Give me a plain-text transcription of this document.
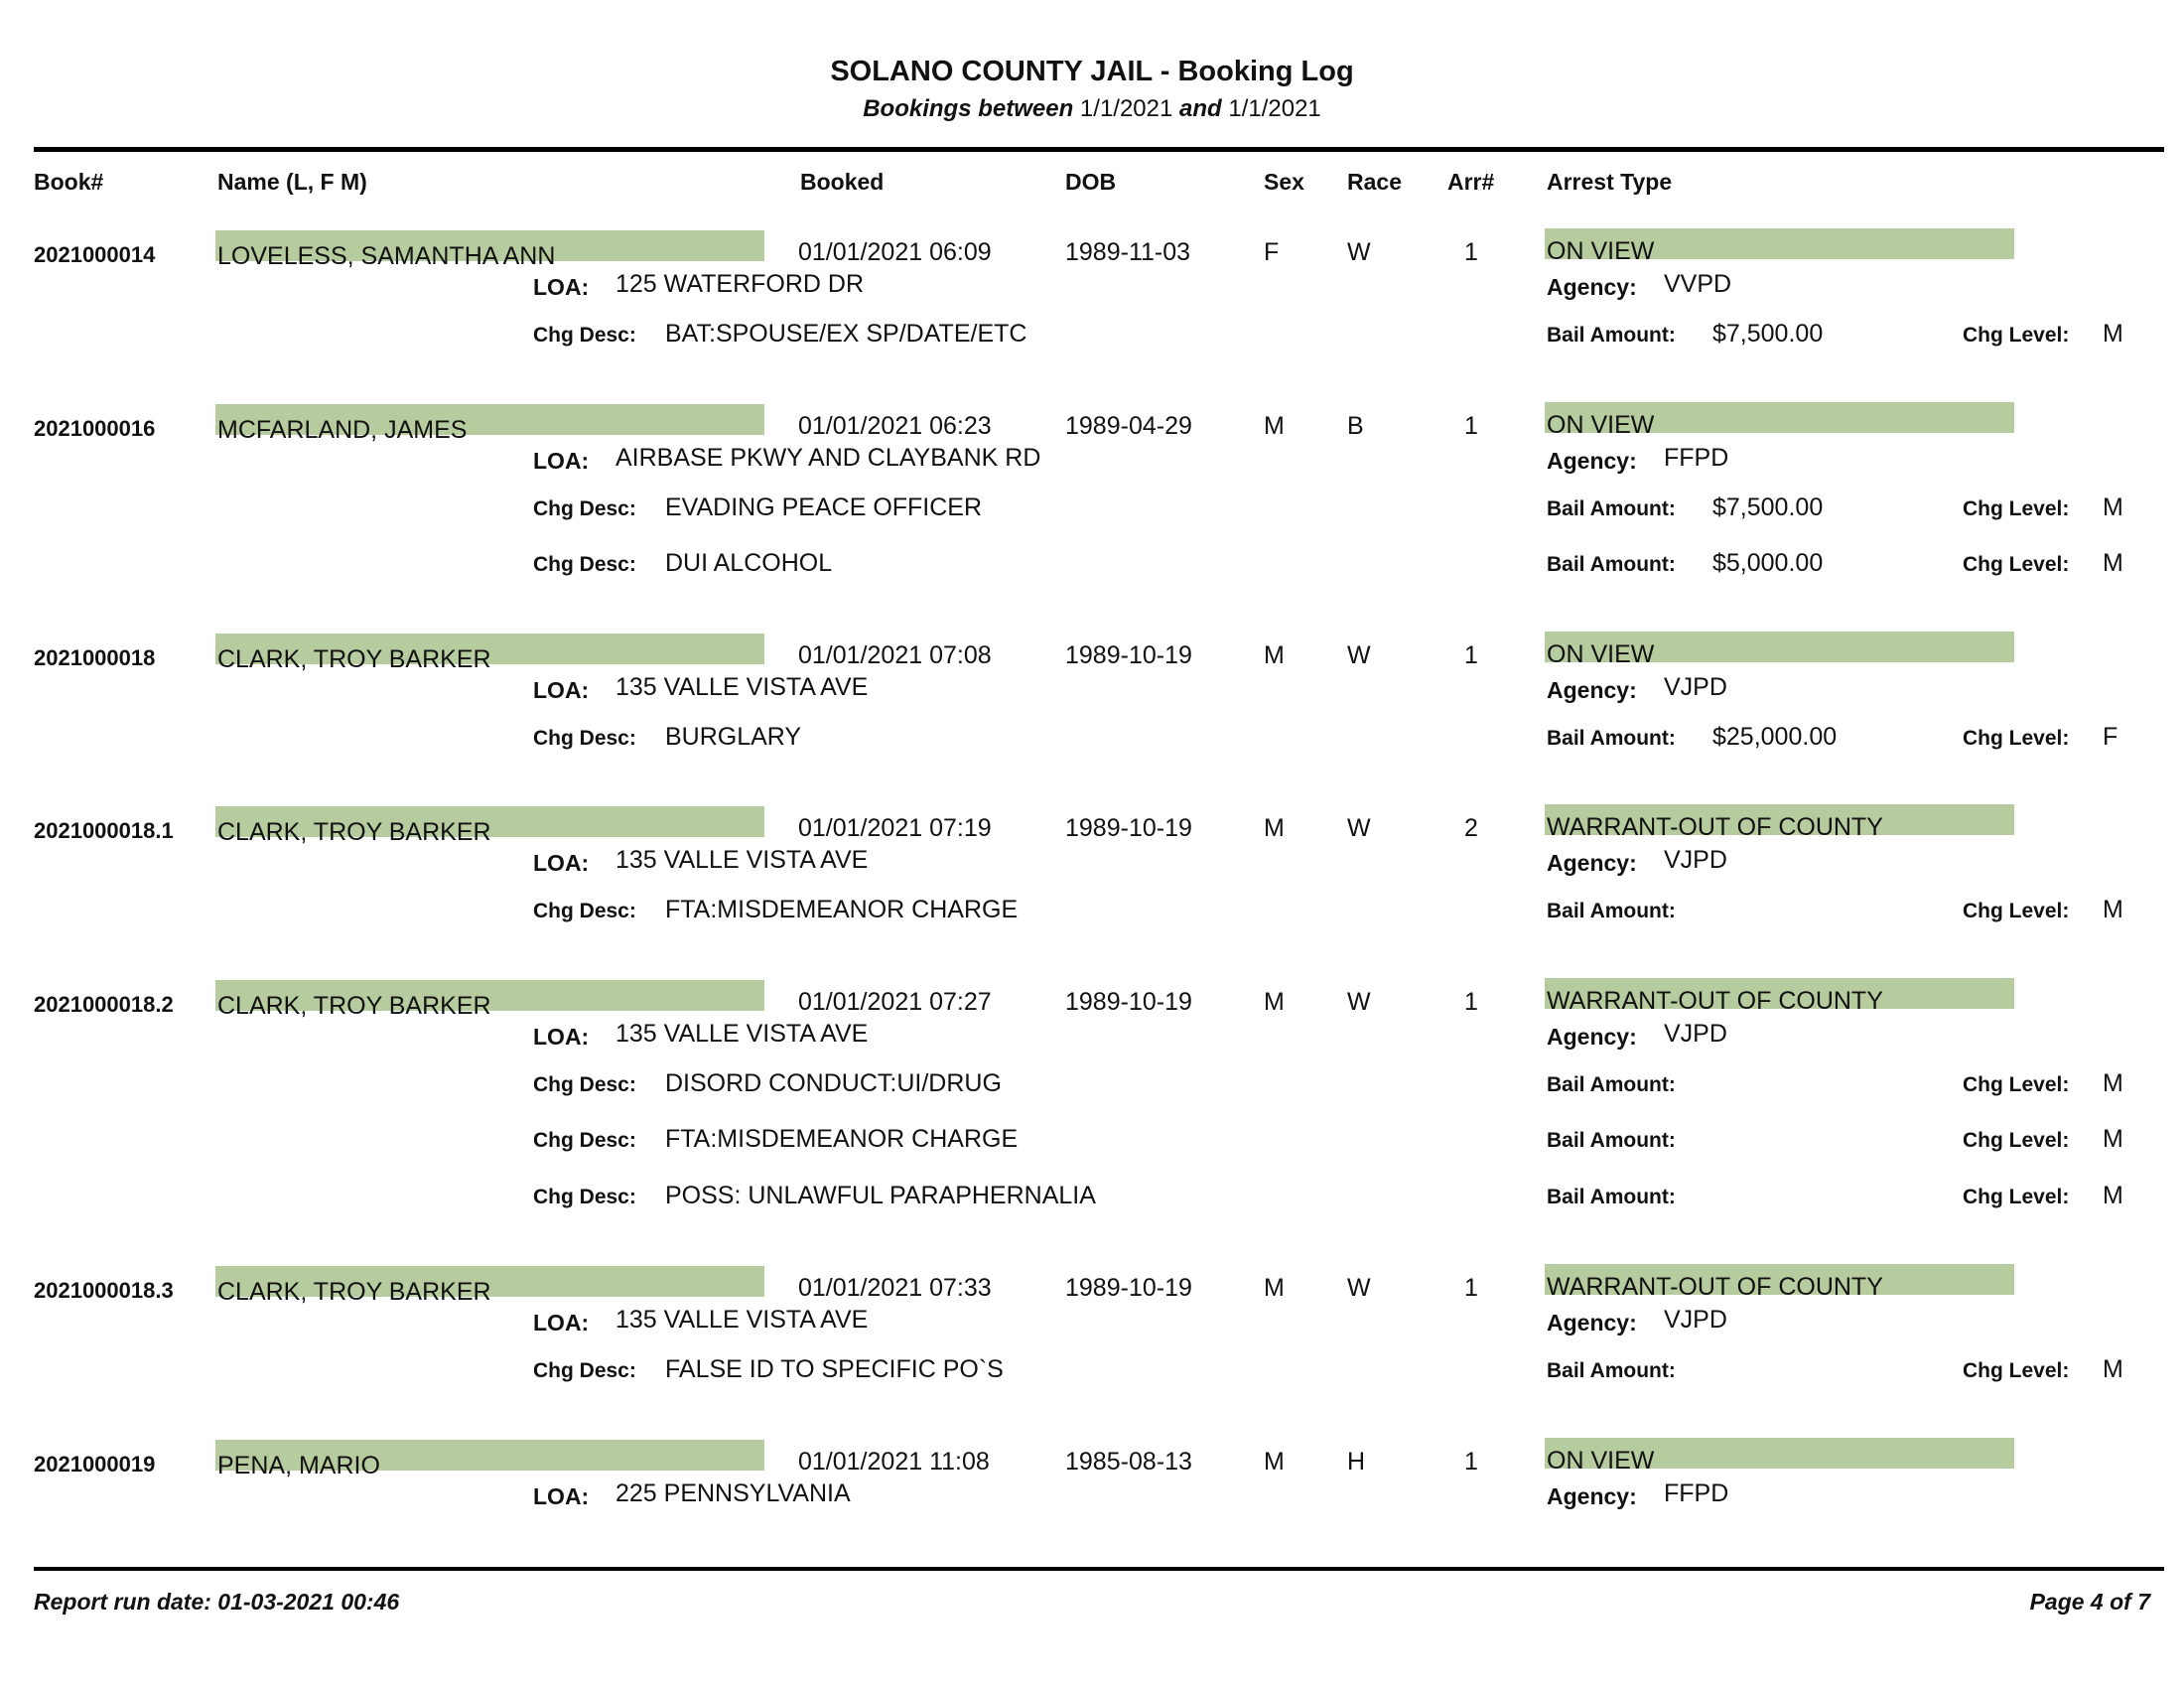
SOLANO COUNTY JAIL - Booking Log
Bookings between 1/1/2021 and 1/1/2021
Book#	Name (L, F M)	Booked	DOB	Sex Race Arr# Arrest Type
2021000014	LOVELESS, SAMANTHA ANN	01/01/2021 06:09	1989-11-03	F	W	1	ON VIEW
LOA: 125 WATERFORD DR	Agency: VVPD
Chg Desc: BAT:SPOUSE/EX SP/DATE/ETC	Bail Amount: $7,500.00	Chg Level: M
2021000016	MCFARLAND, JAMES	01/01/2021 06:23	1989-04-29	M	B	1	ON VIEW
LOA: AIRBASE PKWY AND CLAYBANK RD	Agency: FFPD
Chg Desc: EVADING PEACE OFFICER	Bail Amount: $7,500.00	Chg Level: M
Chg Desc: DUI ALCOHOL	Bail Amount: $5,000.00	Chg Level: M
2021000018	CLARK, TROY BARKER	01/01/2021 07:08	1989-10-19	M	W	1	ON VIEW
LOA: 135 VALLE VISTA AVE	Agency: VJPD
Chg Desc: BURGLARY	Bail Amount: $25,000.00	Chg Level: F
2021000018.1 CLARK, TROY BARKER	01/01/2021 07:19	1989-10-19	M	W	2	WARRANT-OUT OF COUNTY
LOA: 135 VALLE VISTA AVE	Agency: VJPD
Chg Desc: FTA:MISDEMEANOR CHARGE	Bail Amount:	Chg Level: M
2021000018.2 CLARK, TROY BARKER	01/01/2021 07:27	1989-10-19	M	W	1	WARRANT-OUT OF COUNTY
LOA: 135 VALLE VISTA AVE	Agency: VJPD
Chg Desc: DISORD CONDUCT:UI/DRUG	Bail Amount:	Chg Level: M
Chg Desc: FTA:MISDEMEANOR CHARGE	Bail Amount:	Chg Level: M
Chg Desc: POSS: UNLAWFUL PARAPHERNALIA	Bail Amount:	Chg Level: M
2021000018.3 CLARK, TROY BARKER	01/01/2021 07:33	1989-10-19	M	W	1	WARRANT-OUT OF COUNTY
LOA: 135 VALLE VISTA AVE	Agency: VJPD
Chg Desc: FALSE ID TO SPECIFIC PO`S	Bail Amount:	Chg Level: M
2021000019	PENA, MARIO	01/01/2021 11:08	1985-08-13	M	H	1	ON VIEW
LOA: 225 PENNSYLVANIA	Agency: FFPD
Report run date: 01-03-2021 00:46	Page 4 of 7
